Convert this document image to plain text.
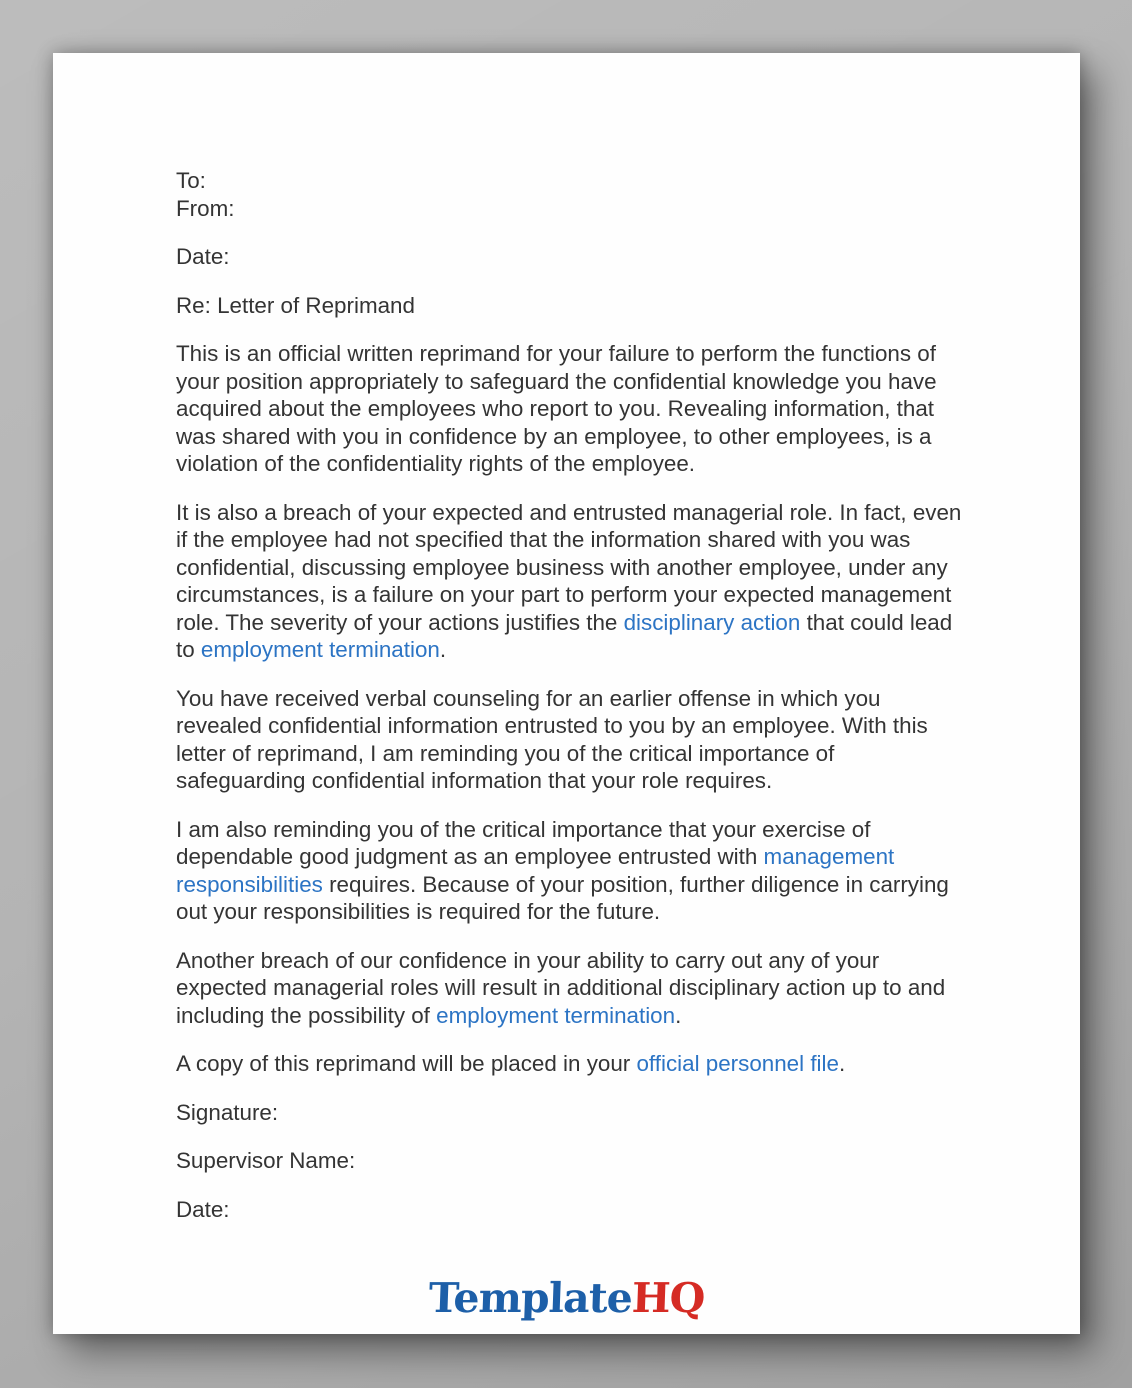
To:
From:
Date:
Re: Letter of Reprimand

This is an official written reprimand for your failure to perform the functions of your position appropriately to safeguard the confidential knowledge you have acquired about the employees who report to you. Revealing information, that was shared with you in confidence by an employee, to other employees, is a violation of the confidentiality rights of the employee.

It is also a breach of your expected and entrusted managerial role. In fact, even if the employee had not specified that the information shared with you was confidential, discussing employee business with another employee, under any circumstances, is a failure on your part to perform your expected management role. The severity of your actions justifies the disciplinary action that could lead to employment termination.

You have received verbal counseling for an earlier offense in which you revealed confidential information entrusted to you by an employee. With this letter of reprimand, I am reminding you of the critical importance of safeguarding confidential information that your role requires.

I am also reminding you of the critical importance that your exercise of dependable good judgment as an employee entrusted with management responsibilities requires. Because of your position, further diligence in carrying out your responsibilities is required for the future.

Another breach of our confidence in your ability to carry out any of your expected managerial roles will result in additional disciplinary action up to and including the possibility of employment termination.

A copy of this reprimand will be placed in your official personnel file.

Signature:
Supervisor Name:
Date:
TemplateHQ
